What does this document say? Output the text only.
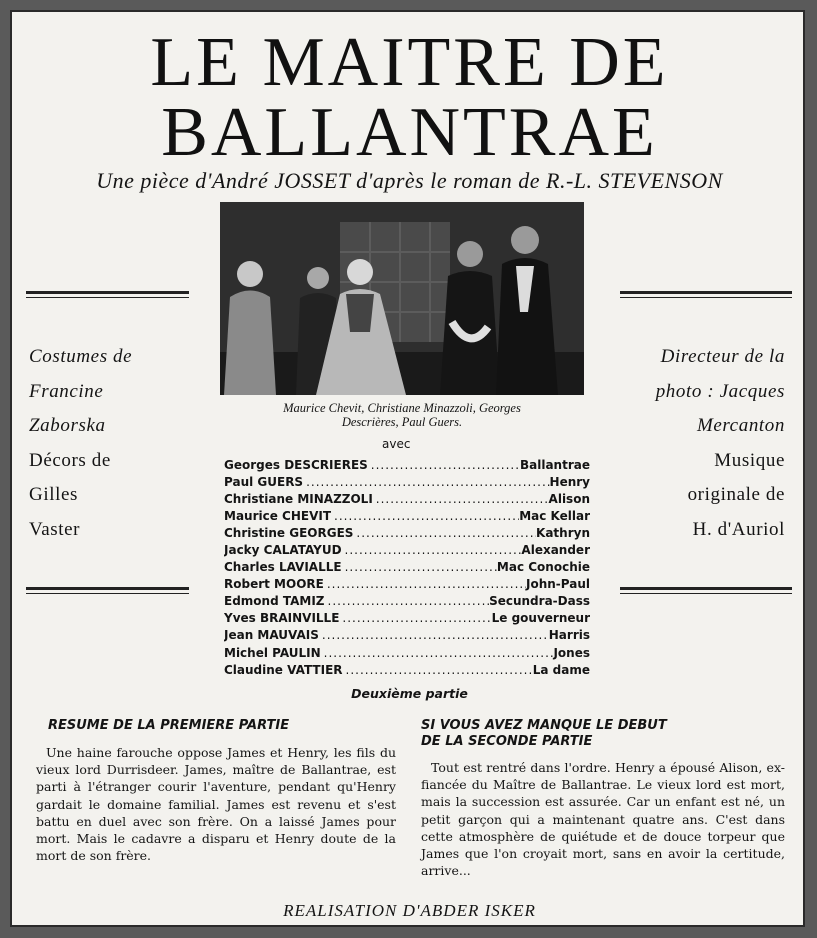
LE MAITRE DE
BALLANTRAE
Une pièce d'André JOSSET d'après le roman de R.-L. STEVENSON
Maurice Chevit, Christiane Minazzoli, Georges
Descrières, Paul Guers.
Costumes de
Francine
Zaborska
Décors de
Gilles
Vaster
Directeur de la
photo : Jacques
Mercanton
Musique
originale de
H. d'Auriol
avec
Georges DESCRIERES .....	Ballantrae
Paul GUERS .....	Henry
Christiane MINAZZOLI .....	Alison
Maurice CHEVIT .....	Mac Kellar
Christine GEORGES .....	Kathryn
Jacky CALATAYUD .....	Alexander
Charles LAVIALLE .....	Mac Conochie
Robert MOORE .....	John-Paul
Edmond TAMIZ .....	Secundra-Dass
Yves BRAINVILLE .....	Le gouverneur
Jean MAUVAIS .....	Harris
Michel PAULIN .....	Jones
Claudine VATTIER .....	La dame
Deuxième partie
RESUME DE LA PREMIERE PARTIE
Une haine farouche oppose James et Henry, les fils du vieux lord Durrisdeer. James, maître de Ballantrae, est parti à l'étranger courir l'aventure, pendant qu'Henry gardait le domaine familial. James est revenu et s'est battu en duel avec son frère. On a laissé James pour mort. Mais le cadavre a disparu et Henry doute de la mort de son frère.
SI VOUS AVEZ MANQUE LE DEBUT
DE LA SECONDE PARTIE
Tout est rentré dans l'ordre. Henry a épousé Alison, ex-fiancée du Maître de Ballantrae. Le vieux lord est mort, mais la succession est assurée. Car un enfant est né, un petit garçon qui a maintenant quatre ans. C'est dans cette atmosphère de quiétude et de douce torpeur que James que l'on croyait mort, sans en avoir la certitude, arrive...
REALISATION D'ABDER ISKER
